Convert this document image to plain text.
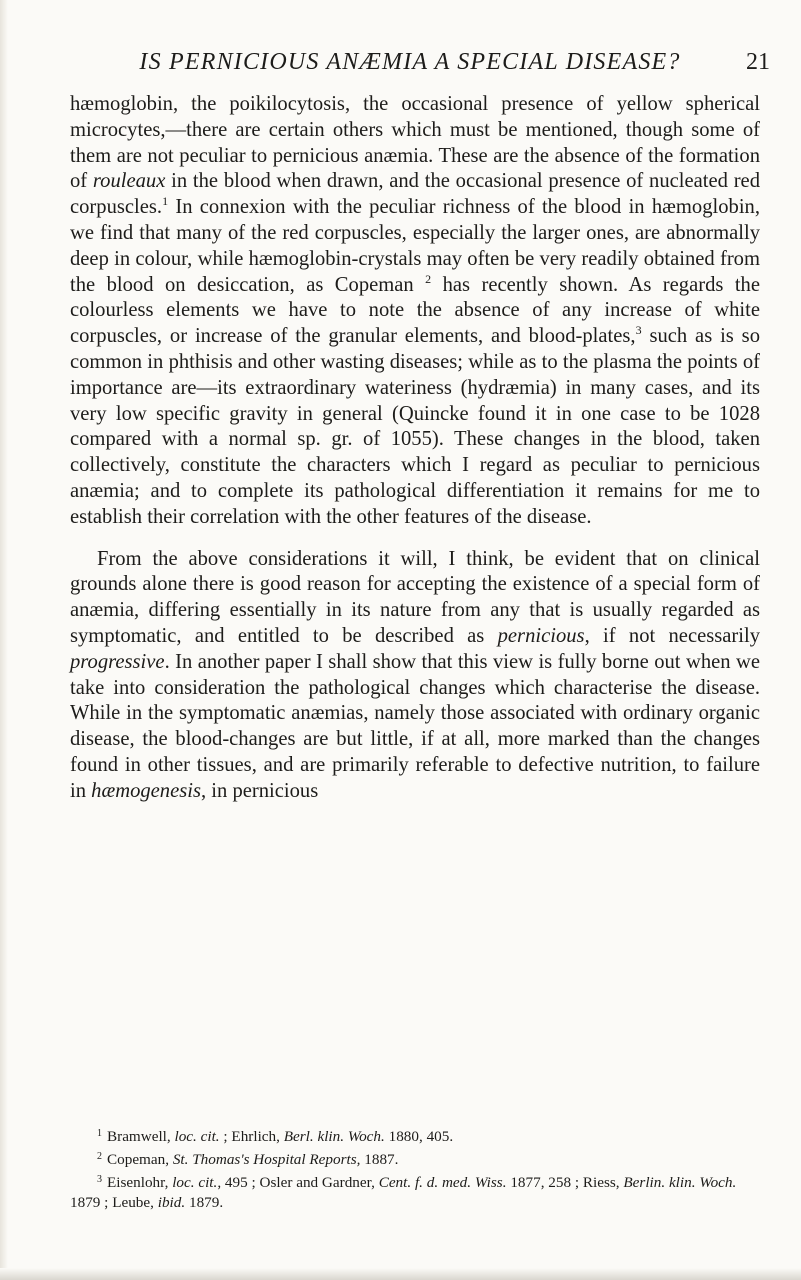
IS PERNICIOUS ANÆMIA A SPECIAL DISEASE?	21

hæmoglobin, the poikilocytosis, the occasional presence of yellow spherical microcytes,—there are certain others which must be mentioned, though some of them are not peculiar to pernicious anæmia. These are the absence of the formation of rouleaux in the blood when drawn, and the occasional presence of nucleated red corpuscles.$^1$ In connexion with the peculiar richness of the blood in hæmoglobin, we find that many of the red corpuscles, especially the larger ones, are abnormally deep in colour, while hæmoglobin-crystals may often be very readily obtained from the blood on desiccation, as Copeman $^2$ has recently shown. As regards the colourless elements we have to note the absence of any increase of white corpuscles, or increase of the granular elements, and blood-plates,$^3$ such as is so common in phthisis and other wasting diseases; while as to the plasma the points of importance are—its extraordinary wateriness (hydræmia) in many cases, and its very low specific gravity in general (Quincke found it in one case to be 1028 compared with a normal sp. gr. of 1055). These changes in the blood, taken collectively, constitute the characters which I regard as peculiar to pernicious anæmia; and to complete its pathological differentiation it remains for me to establish their correlation with the other features of the disease.

From the above considerations it will, I think, be evident that on clinical grounds alone there is good reason for accepting the existence of a special form of anæmia, differing essentially in its nature from any that is usually regarded as symptomatic, and entitled to be described as pernicious, if not necessarily progressive. In another paper I shall show that this view is fully borne out when we take into consideration the pathological changes which characterise the disease. While in the symptomatic anæmias, namely those associated with ordinary organic disease, the blood-changes are but little, if at all, more marked than the changes found in other tissues, and are primarily referable to defective nutrition, to failure in hæmogenesis, in pernicious

$^1$ Bramwell, loc. cit. ; Ehrlich, Berl. klin. Woch. 1880, 405.

$^2$ Copeman, St. Thomas's Hospital Reports, 1887.

$^3$ Eisenlohr, loc. cit., 495 ; Osler and Gardner, Cent. f. d. med. Wiss. 1877, 258 ; Riess, Berlin. klin. Woch. 1879 ; Leube, ibid. 1879.
